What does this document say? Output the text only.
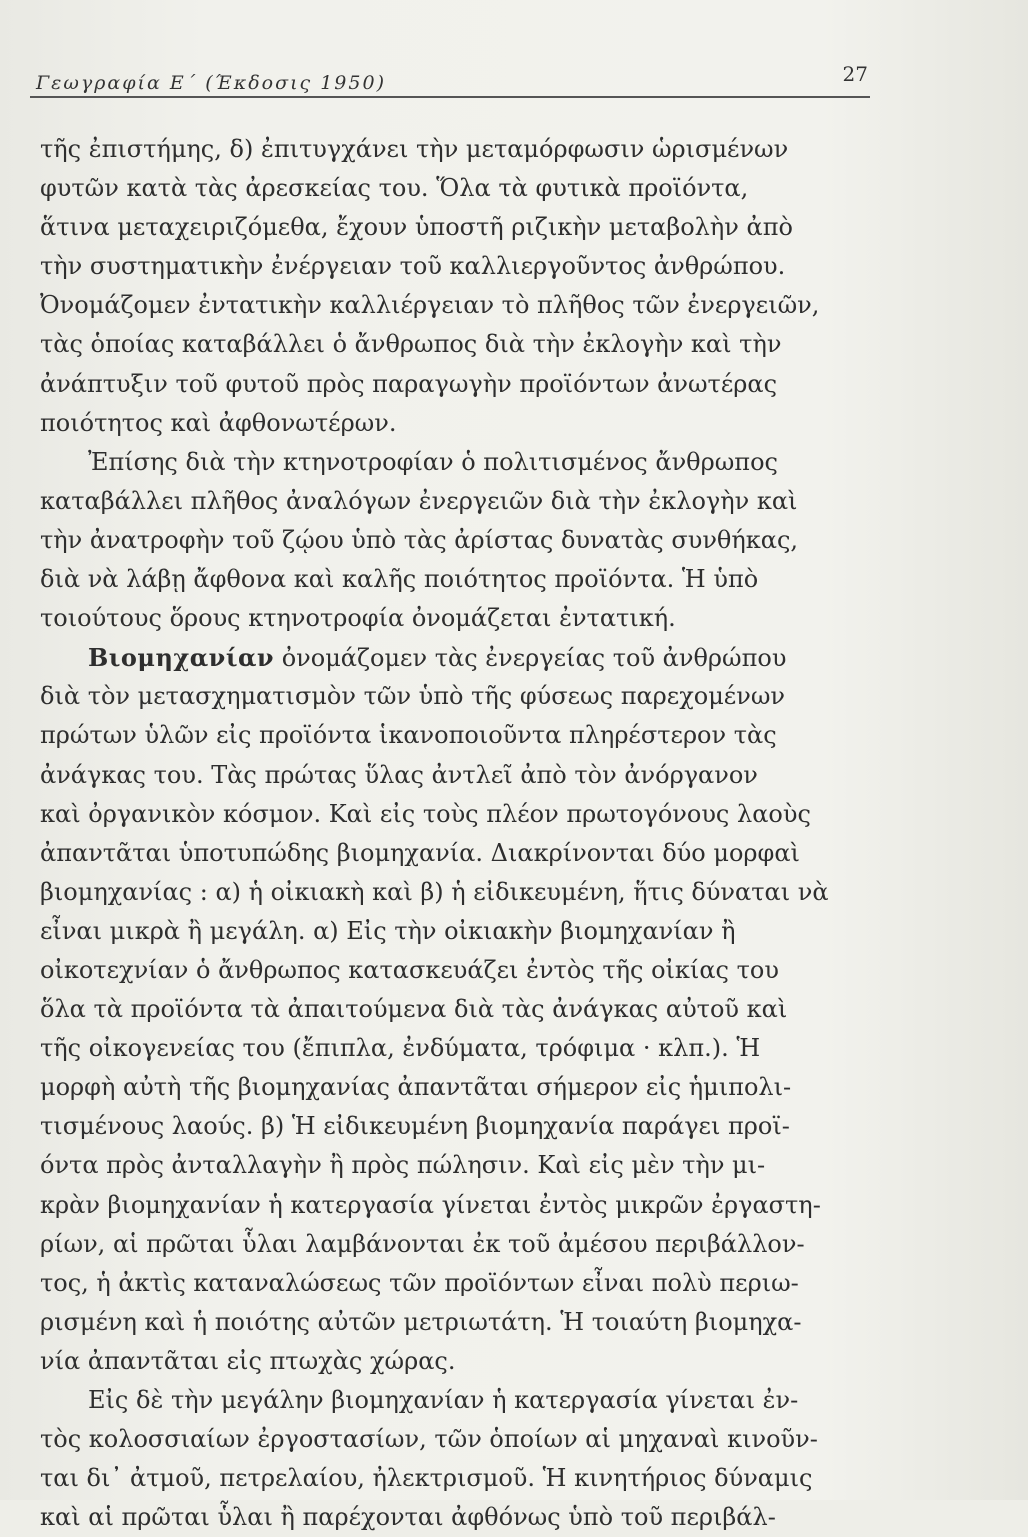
Γεωγραφία Ε΄ (Έκδοσις 1950)	27
τῆς ἐπιστήμης, δ) ἐπιτυγχάνει τὴν μεταμόρφωσιν ὡρισμένων
φυτῶν κατὰ τὰς ἀρεσκείας του. Ὅλα τὰ φυτικὰ προϊόντα,
ἅτινα μεταχειριζόμεθα, ἔχουν ὑποστῆ ριζικὴν μεταβολὴν ἀπὸ
τὴν συστηματικὴν ἐνέργειαν τοῦ καλλιεργοῦντος ἀνθρώπου.
Ὀνομάζομεν ἐντατικὴν καλλιέργειαν τὸ πλῆθος τῶν ἐνεργειῶν,
τὰς ὁποίας καταβάλλει ὁ ἄνθρωπος διὰ τὴν ἐκλογὴν καὶ τὴν
ἀνάπτυξιν τοῦ φυτοῦ πρὸς παραγωγὴν προϊόντων ἀνωτέρας
ποιότητος καὶ ἀφθονωτέρων.
Ἐπίσης διὰ τὴν κτηνοτροφίαν ὁ πολιτισμένος ἄνθρωπος
καταβάλλει πλῆθος ἀναλόγων ἐνεργειῶν διὰ τὴν ἐκλογὴν καὶ
τὴν ἀνατροφὴν τοῦ ζῴου ὑπὸ τὰς ἀρίστας δυνατὰς συνθήκας,
διὰ νὰ λάβῃ ἄφθονα καὶ καλῆς ποιότητος προϊόντα. Ἡ ὑπὸ
τοιούτους ὅρους κτηνοτροφία ὀνομάζεται ἐντατική.
Βιομηχανίαν ὀνομάζομεν τὰς ἐνεργείας τοῦ ἀνθρώπου
διὰ τὸν μετασχηματισμὸν τῶν ὑπὸ τῆς φύσεως παρεχομένων
πρώτων ὑλῶν εἰς προϊόντα ἱκανοποιοῦντα πληρέστερον τὰς
ἀνάγκας του. Τὰς πρώτας ὕλας ἀντλεῖ ἀπὸ τὸν ἀνόργανον
καὶ ὀργανικὸν κόσμον. Καὶ εἰς τοὺς πλέον πρωτογόνους λαοὺς
ἀπαντᾶται ὑποτυπώδης βιομηχανία. Διακρίνονται δύο μορφαὶ
βιομηχανίας : α) ἡ οἰκιακὴ καὶ β) ἡ εἰδικευμένη, ἥτις δύναται νὰ
εἶναι μικρὰ ἢ μεγάλη. α) Εἰς τὴν οἰκιακὴν βιομηχανίαν ἢ
οἰκοτεχνίαν ὁ ἄνθρωπος κατασκευάζει ἐντὸς τῆς οἰκίας του
ὅλα τὰ προϊόντα τὰ ἀπαιτούμενα διὰ τὰς ἀνάγκας αὐτοῦ καὶ
τῆς οἰκογενείας του (ἔπιπλα, ἐνδύματα, τρόφιμα · κλπ.). Ἡ
μορφὴ αὐτὴ τῆς βιομηχανίας ἀπαντᾶται σήμερον εἰς ἡμιπολι-
τισμένους λαούς. β) Ἡ εἰδικευμένη βιομηχανία παράγει προϊ-
όντα πρὸς ἀνταλλαγὴν ἢ πρὸς πώλησιν. Καὶ εἰς μὲν τὴν μι-
κρὰν βιομηχανίαν ἡ κατεργασία γίνεται ἐντὸς μικρῶν ἐργαστη-
ρίων, αἱ πρῶται ὗλαι λαμβάνονται ἐκ τοῦ ἀμέσου περιβάλλον-
τος, ἡ ἀκτὶς καταναλώσεως τῶν προϊόντων εἶναι πολὺ περιω-
ρισμένη καὶ ἡ ποιότης αὐτῶν μετριωτάτη. Ἡ τοιαύτη βιομηχα-
νία ἀπαντᾶται εἰς πτωχὰς χώρας.
Εἰς δὲ τὴν μεγάλην βιομηχανίαν ἡ κατεργασία γίνεται ἐν-
τὸς κολοσσιαίων ἐργοστασίων, τῶν ὁποίων αἱ μηχαναὶ κινοῦν-
ται δι᾽ ἀτμοῦ, πετρελαίου, ἠλεκτρισμοῦ. Ἡ κινητήριος δύναμις
καὶ αἱ πρῶται ὗλαι ἢ παρέχονται ἀφθόνως ὑπὸ τοῦ περιβάλ-
